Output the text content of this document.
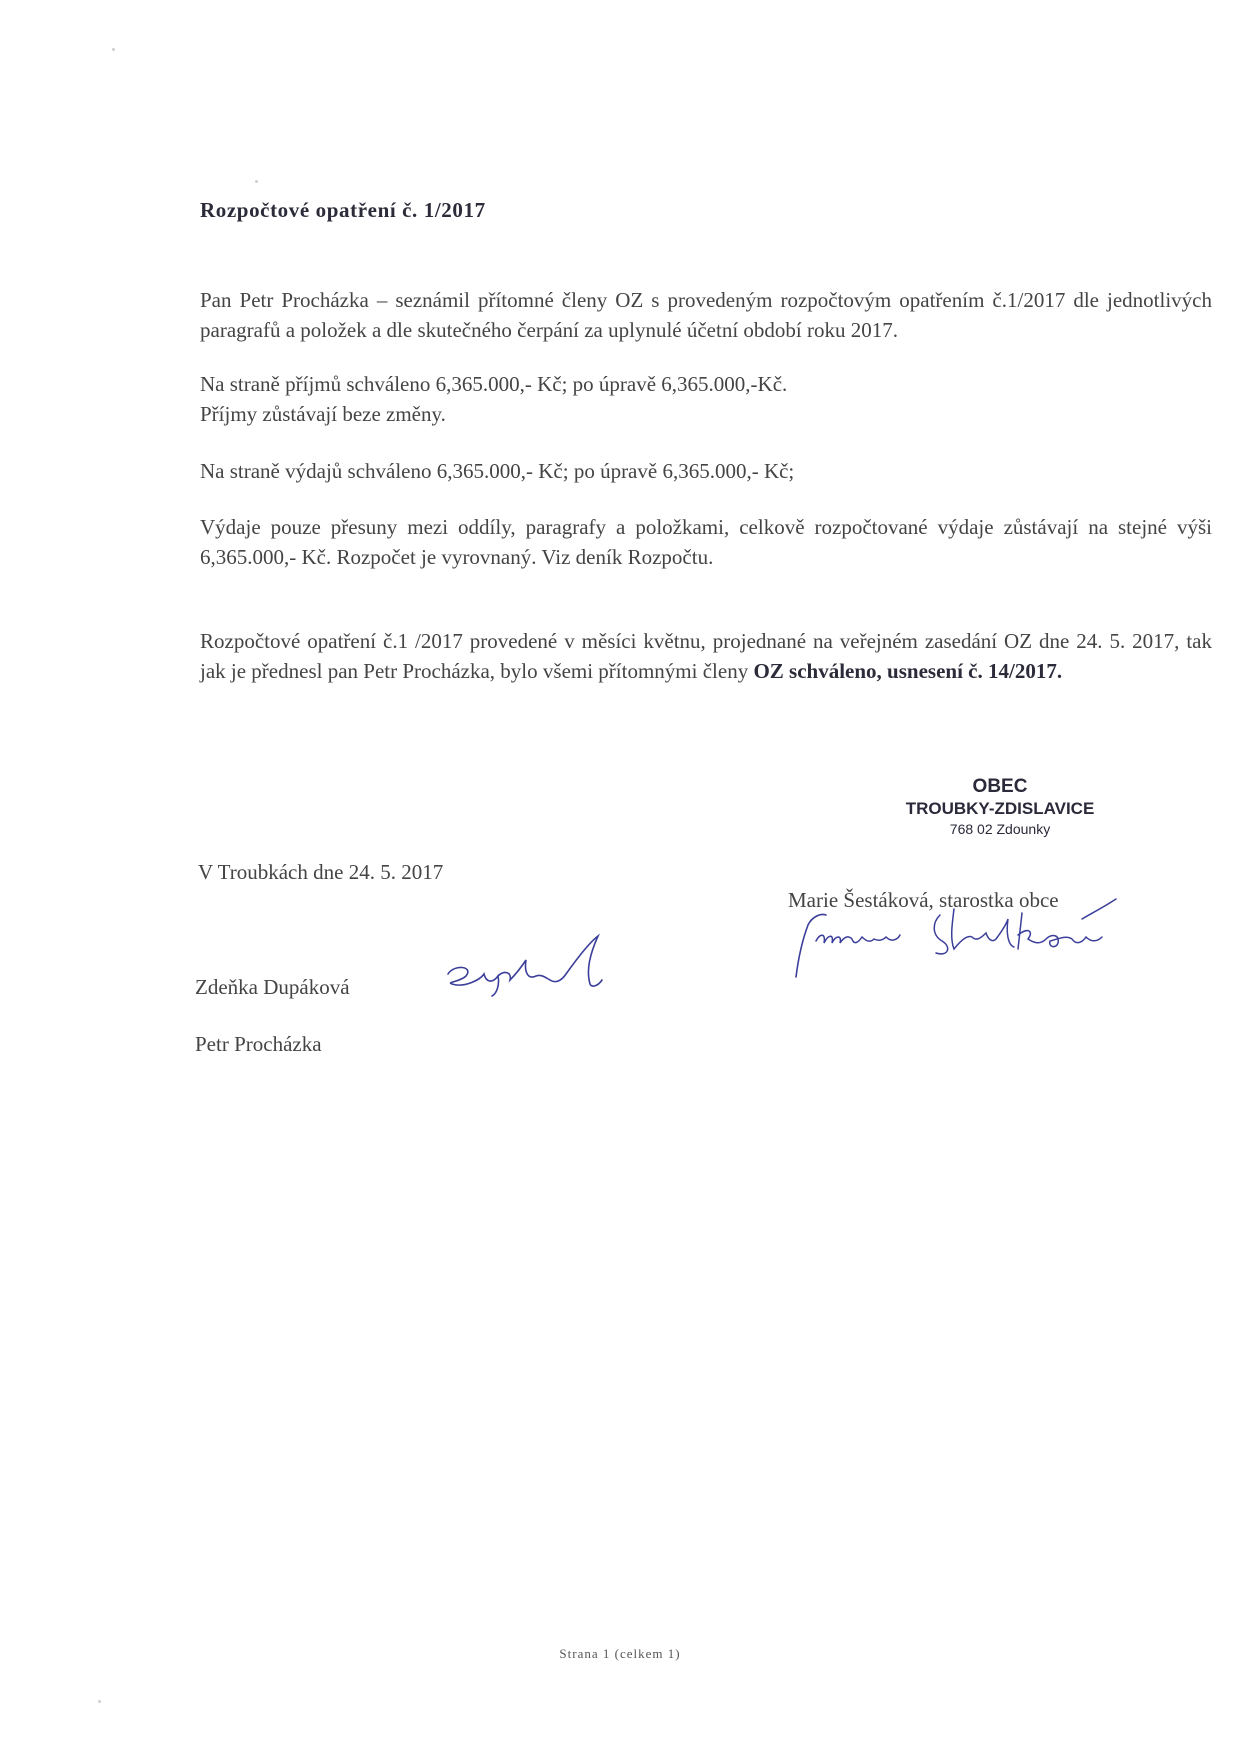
Rozpočtové opatření č. 1/2017

Pan Petr Procházka – seznámil přítomné členy OZ s provedeným rozpočtovým opatřením č.1/2017 dle jednotlivých paragrafů a položek a dle skutečného čerpání za uplynulé účetní období roku 2017.

Na straně příjmů schváleno 6,365.000,- Kč; po úpravě 6,365.000,-Kč.

Příjmy zůstávají beze změny.

Na straně výdajů schváleno 6,365.000,- Kč; po úpravě 6,365.000,- Kč;

Výdaje pouze přesuny mezi oddíly, paragrafy a položkami, celkově rozpočtované výdaje zůstávají na stejné výši 6,365.000,- Kč. Rozpočet je vyrovnaný. Viz deník Rozpočtu.

Rozpočtové opatření č.1 /2017 provedené v měsíci květnu, projednané na veřejném zasedání OZ dne 24. 5. 2017, tak jak je přednesl pan Petr Procházka, bylo všemi přítomnými členy OZ schváleno, usnesení č. 14/2017.

OBEC
TROUBKY-ZDISLAVICE
768 02 Zdounky
V Troubkách dne 24. 5. 2017
Marie Šestáková, starostka obce
Zdeňka Dupáková
Petr Procházka
Strana 1 (celkem 1)
